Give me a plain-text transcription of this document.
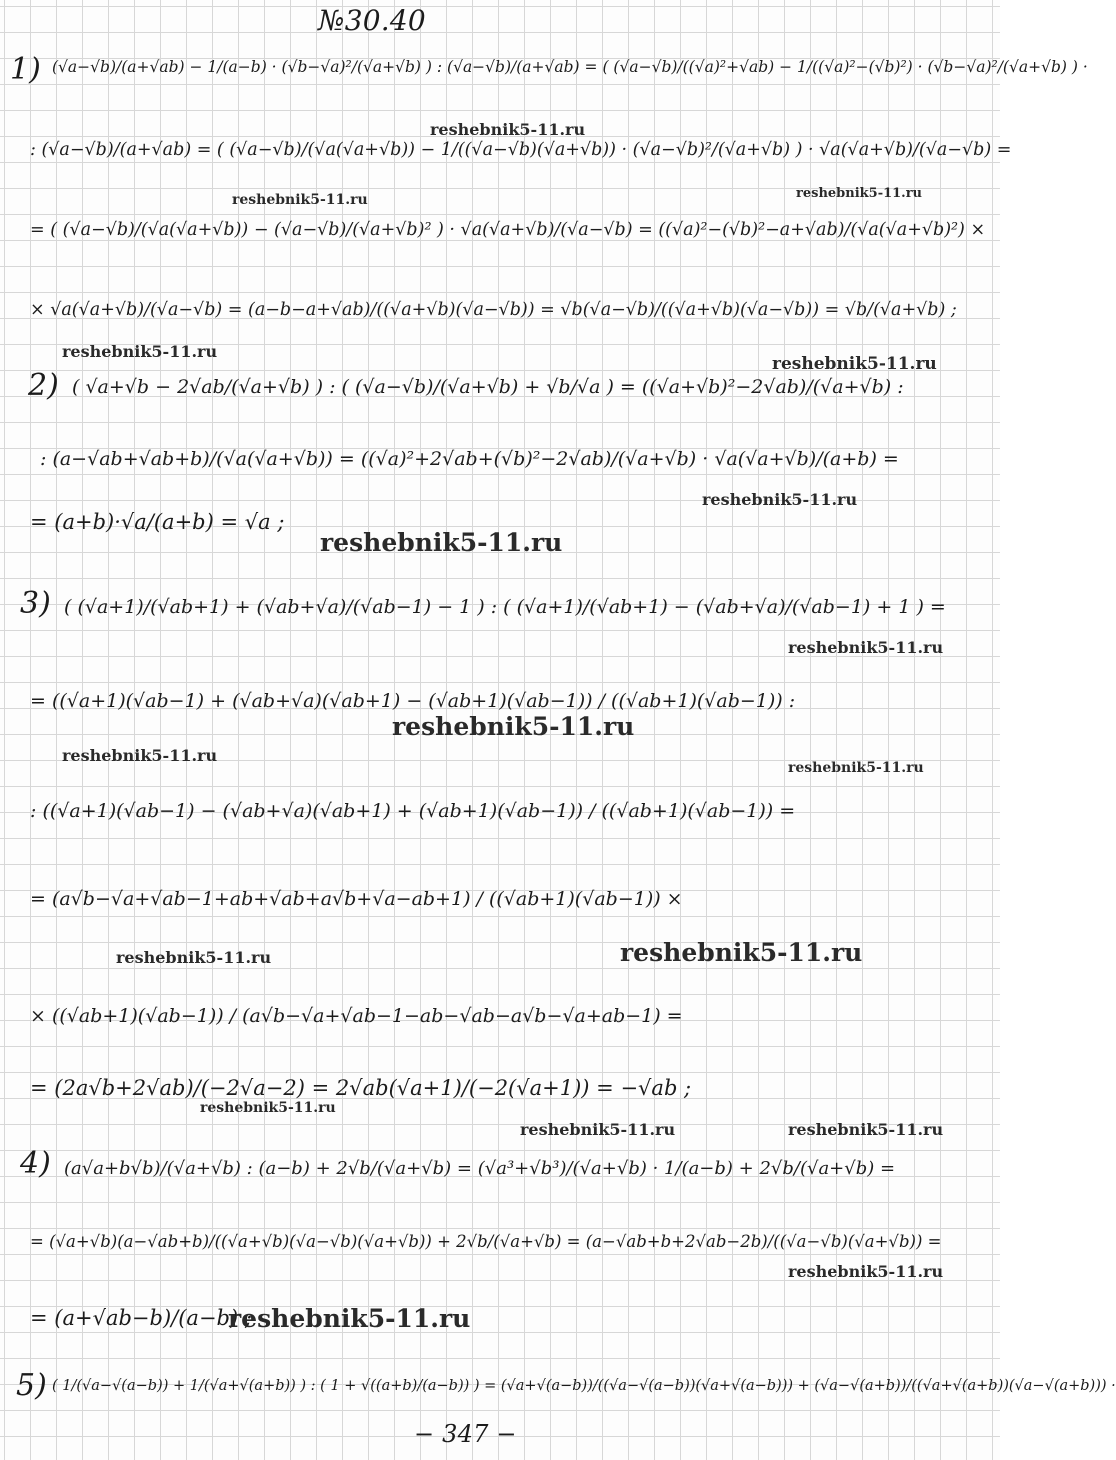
№30.40
1) (√a−√b)/(a+√ab) − 1/(a−b) · (√b−√a)²/(√a+√b) ) : (√a−√b)/(a+√ab) = ( (√a−√b)/((√a)²+√ab) − 1/((√a)²−(√b)²) · (√b−√a)²/(√a+√b) ) ·
: (√a−√b)/(a+√ab) = ( (√a−√b)/(√a(√a+√b)) − 1/((√a−√b)(√a+√b)) · (√a−√b)²/(√a+√b) ) · √a(√a+√b)/(√a−√b) =
= ( (√a−√b)/(√a(√a+√b)) − (√a−√b)/(√a+√b)² ) · √a(√a+√b)/(√a−√b) = ((√a)²−(√b)²−a+√ab)/(√a(√a+√b)²) ×
× √a(√a+√b)/(√a−√b) = (a−b−a+√ab)/((√a+√b)(√a−√b)) = √b(√a−√b)/((√a+√b)(√a−√b)) = √b/(√a+√b) ;
2) ( √a+√b − 2√ab/(√a+√b) ) : ( (√a−√b)/(√a+√b) + √b/√a ) = ((√a+√b)²−2√ab)/(√a+√b) :
: (a−√ab+√ab+b)/(√a(√a+√b)) = ((√a)²+2√ab+(√b)²−2√ab)/(√a+√b) · √a(√a+√b)/(a+b) =
= (a+b)·√a/(a+b) = √a ;
3) ( (√a+1)/(√ab+1) + (√ab+√a)/(√ab−1) − 1 ) : ( (√a+1)/(√ab+1) − (√ab+√a)/(√ab−1) + 1 ) =
= ((√a+1)(√ab−1) + (√ab+√a)(√ab+1) − (√ab+1)(√ab−1)) / ((√ab+1)(√ab−1)) :
: ((√a+1)(√ab−1) − (√ab+√a)(√ab+1) + (√ab+1)(√ab−1)) / ((√ab+1)(√ab−1)) =
= (a√b−√a+√ab−1+ab+√ab+a√b+√a−ab+1) / ((√ab+1)(√ab−1)) ×
× ((√ab+1)(√ab−1)) / (a√b−√a+√ab−1−ab−√ab−a√b−√a+ab−1) =
= (2a√b+2√ab)/(−2√a−2) = 2√ab(√a+1)/(−2(√a+1)) = −√ab ;
4) (a√a+b√b)/(√a+√b) : (a−b) + 2√b/(√a+√b) = (√a³+√b³)/(√a+√b) · 1/(a−b) + 2√b/(√a+√b) =
= (√a+√b)(a−√ab+b)/((√a+√b)(√a−√b)(√a+√b)) + 2√b/(√a+√b) = (a−√ab+b+2√ab−2b)/((√a−√b)(√a+√b)) =
= (a+√ab−b)/(a−b) ;
5) ( 1/(√a−√(a−b)) + 1/(√a+√(a+b)) ) : ( 1 + √((a+b)/(a−b)) ) = (√a+√(a−b))/((√a−√(a−b))(√a+√(a−b))) + (√a−√(a+b))/((√a+√(a+b))(√a−√(a+b))) ·
− 347 −
reshebnik5-11.ru
reshebnik5-11.ru	reshebnik5-11.ru
reshebnik5-11.ru
reshebnik5-11.ru
reshebnik5-11.ru
reshebnik5-11.ru
reshebnik5-11.ru
reshebnik5-11.ru
reshebnik5-11.ru
reshebnik5-11.ru
reshebnik5-11.ru
reshebnik5-11.ru
reshebnik5-11.ru
reshebnik5-11.ru	reshebnik5-11.ru
reshebnik5-11.ru
reshebnik5-11.ru
